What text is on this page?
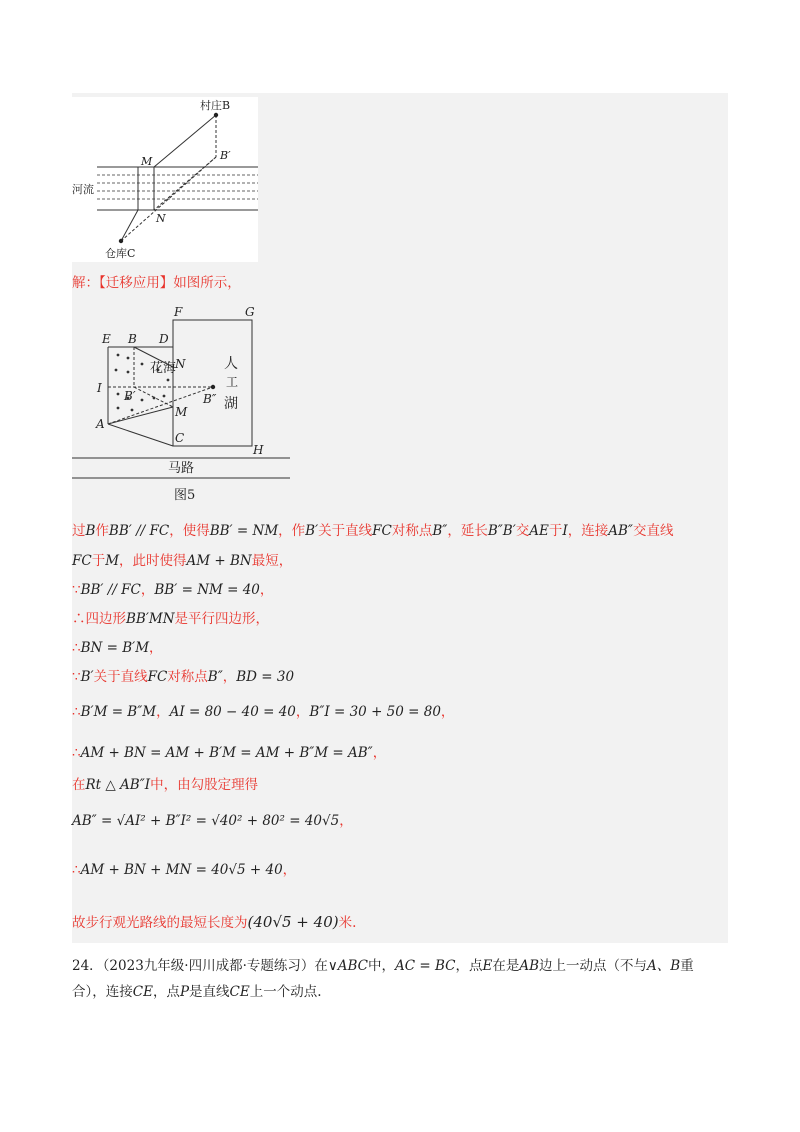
村庄B
河流
仓库C
M
N
B′
解：【迁移应用】如图所示，
E B D
F	G
N
I
A
M
C
H
B′	B″
花海	人
工
湖
马路
图5
过B作BB′ // FC，使得BB′ = NM，作B′关于直线FC对称点B″，延长B″B′交AE于I，连接AB″交直线
FC于M，此时使得AM + BN最短，
∵BB′ // FC，BB′ = NM = 40，
∴四边形BB′MN是平行四边形，
∴BN = B′M，
∵B′关于直线FC对称点B″，BD = 30
∴B′M = B″M，AI = 80 − 40 = 40，B″I = 30 + 50 = 80，
∴AM + BN = AM + B′M = AM + B″M = AB″，
在Rt △ AB″I中，由勾股定理得
AB″ = √AI² + B″I² = √40² + 80² = 40√5，
∴AM + BN + MN = 40√5 + 40，
故步行观光路线的最短长度为(40√5 + 40)米.
24．（2023九年级·四川成都·专题练习）在∨ABC中，AC = BC，点E在是AB边上一动点（不与A、B重
合），连接CE，点P是直线CE上一个动点.
